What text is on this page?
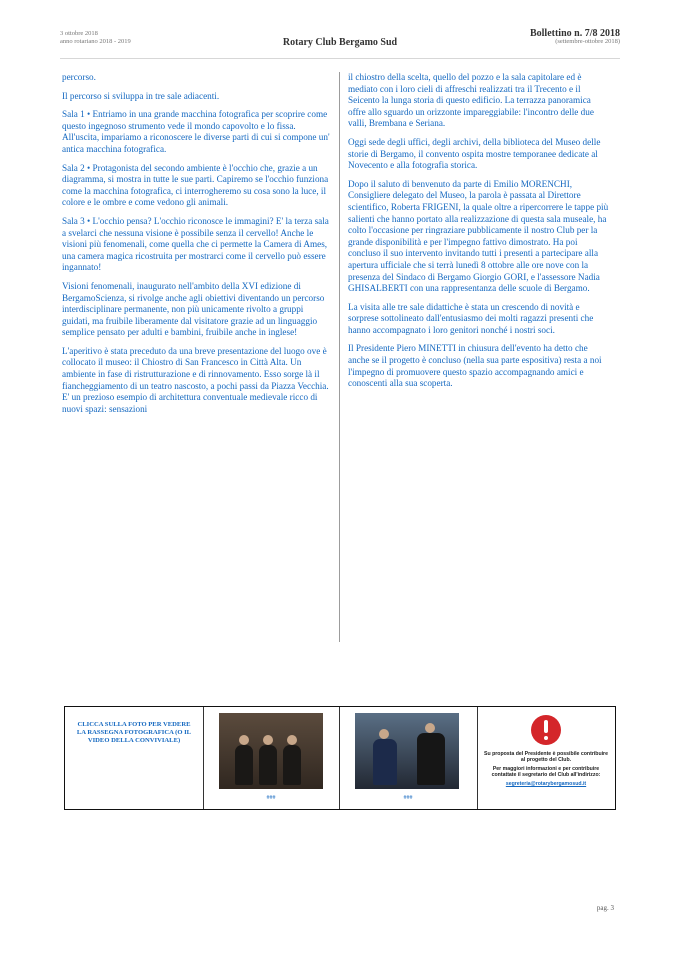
3 ottobre 2018
anno rotariano 2018 - 2019	Rotary Club Bergamo Sud
Bollettino n. 7/8 2018
(settembre-ottobre 2018)

percorso.

Il percorso si sviluppa in tre sale adiacenti.

Sala 1 • Entriamo in una grande macchina fotografica per scoprire come questo ingegnoso strumento vede il mondo capovolto e lo fissa. All'uscita, impariamo a riconoscere le diverse parti di cui si compone un' antica macchina fotografica.

Sala 2 • Protagonista del secondo ambiente è l'occhio che, grazie a un diagramma, si mostra in tutte le sue parti. Capiremo se l'occhio funziona come la macchina fotografica, ci interrogheremo su cosa sono la luce, il colore e le ombre e come vedono gli animali.

Sala 3 • L'occhio pensa? L'occhio riconosce le immagini? E' la terza sala a svelarci che nessuna visione è possibile senza il cervello! Anche le visioni più fenomenali, come quella che ci permette la Camera di Ames, una camera magica ricostruita per mostrarci come il cervello può essere ingannato!

Visioni fenomenali, inaugurato nell'ambito della XVI edizione di BergamoScienza, si rivolge anche agli obiettivi diventando un percorso interdisciplinare permanente, non più unicamente rivolto a gruppi guidati, ma fruibile liberamente dal visitatore grazie ad un linguaggio semplice pensato per adulti e bambini, fruibile anche in inglese!

L'aperitivo è stata preceduto da una breve presentazione del luogo ove è collocato il museo: il Chiostro di San Francesco in Città Alta. Un ambiente in fase di ristrutturazione e di rinnovamento. Esso sorge là il fiancheggiamento di un teatro nascosto, a pochi passi da Piazza Vecchia. E' un prezioso esempio di architettura conventuale medievale ricco di nuovi spazi: sensazioni

il chiostro della scelta, quello del pozzo e la sala capitolare ed è mediato con i loro cieli di affreschi realizzati tra il Trecento e il Seicento la lunga storia di questo edificio. La terrazza panoramica offre allo sguardo un orizzonte impareggiabile: l'incontro delle due valli, Brembana e Seriana.

Oggi sede degli uffici, degli archivi, della biblioteca del Museo delle storie di Bergamo, il convento ospita mostre temporanee dedicate al Novecento e alla fotografia storica.

Dopo il saluto di benvenuto da parte di Emilio MORENCHI, Consigliere delegato del Museo, la parola è passata al Direttore scientifico, Roberta FRIGENI, la quale oltre a ripercorrere le tappe più salienti che hanno portato alla realizzazione di questa sala museale, ha colto l'occasione per ringraziare pubblicamente il nostro Club per la grande disponibilità e per l'impegno fattivo dimostrato. Ha poi concluso il suo intervento invitando tutti i presenti a partecipare alla apertura ufficiale che si terrà lunedì 8 ottobre alle ore nove con la presenza del Sindaco di Bergamo Giorgio GORI, e l'assessore Nadia GHISALBERTI con una rappresentanza delle scuole di Bergamo.

La visita alle tre sale didattiche è stata un crescendo di novità e sorprese sottolineato dall'entusiasmo dei molti ragazzi presenti che hanno accompagnato i loro genitori nonché i nostri soci.

Il Presidente Piero MINETTI in chiusura dell'evento ha detto che anche se il progetto è concluso (nella sua parte espositiva) resta a noi l'impegno di promuovere questo spazio accompagnando amici e conoscenti alla sua scoperta.

CLICCA SULLA FOTO PER VEDERE LA RASSEGNA FOTOGRAFICA (O IL VIDEO DELLA CONVIVIALE)
###	###
Su proposta del Presidente è possibile contribuire al progetto del Club.
Per maggiori informazioni e per contribuire contattate il segretario del Club all'indirizzo:
segreteria@rotarybergamosud.it
pag. 3
